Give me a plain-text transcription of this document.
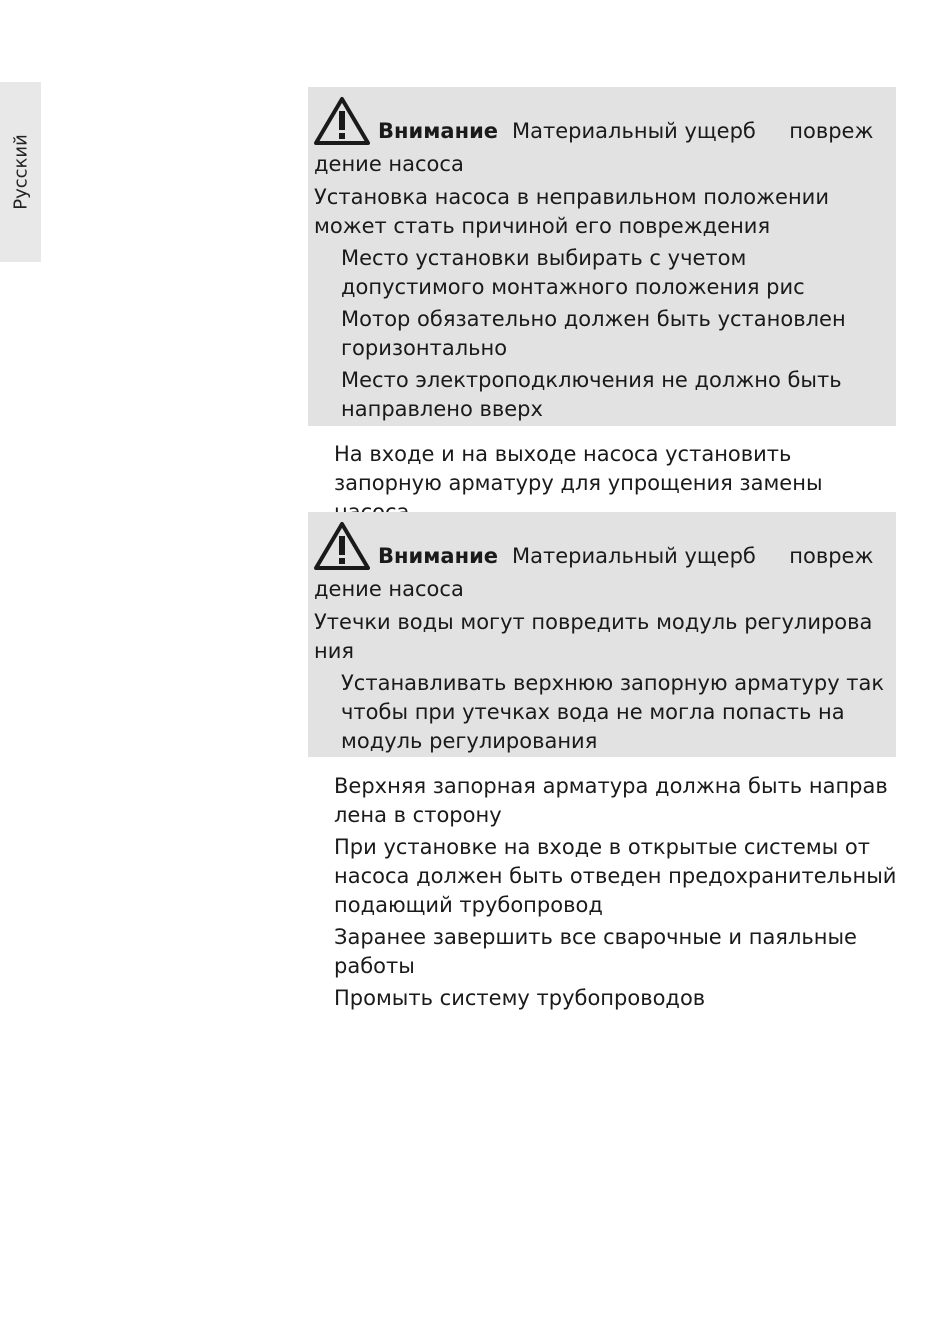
Русский
Внимание Материальный ущерб     повреж
дение насоса

Установка насоса в неправильном положении может стать причиной его повреждения

Место установки выбирать с учетом допустимого монтажного положения рис

Мотор обязательно должен быть установлен горизонтально

Место электроподключения не должно быть направлено вверх

На входе и на выходе насоса установить запорную арматуру для упрощения замены

Внимание Материальный ущерб     повреж
дение насоса

Утечки воды могут повредить модуль регулирова ния

Устанавливать верхнюю запорную арматуру так чтобы при утечках вода не могла попасть на модуль регулирования

Верхняя запорная арматура должна быть направ лена в сторону

При установке на входе в открытые системы от насоса должен быть отведен предохранительный подающий трубопровод

Заранее завершить все сварочные и паяльные работы

Промыть систему трубопроводов
